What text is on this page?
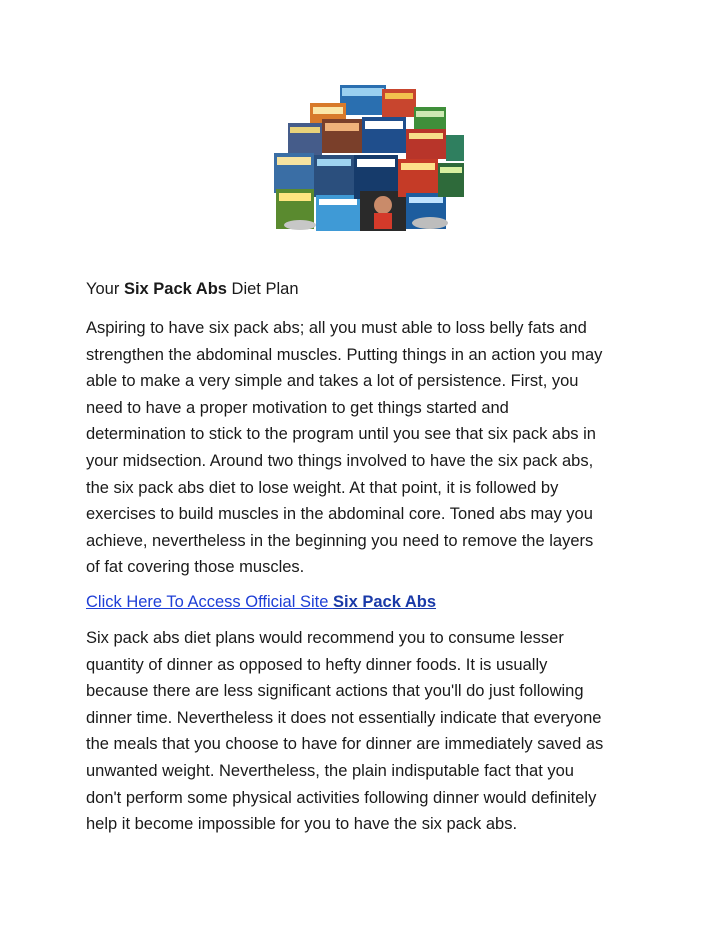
Your Six Pack Abs Diet Plan
Aspiring to have six pack abs; all you must able to loss belly fats and
strengthen the abdominal muscles. Putting things in an action you may
able to make a very simple and takes a lot of persistence. First, you
need to have a proper motivation to get things started and
determination to stick to the program until you see that six pack abs in
your midsection. Around two things involved to have the six pack abs,
the six pack abs diet to lose weight. At that point, it is followed by
exercises to build muscles in the abdominal core. Toned abs may you
achieve, nevertheless in the beginning you need to remove the layers
of fat covering those muscles.
Click Here To Access Official Site Six Pack Abs
Six pack abs diet plans would recommend you to consume lesser
quantity of dinner as opposed to hefty dinner foods. It is usually
because there are less significant actions that you'll do just following
dinner time. Nevertheless it does not essentially indicate that everyone
the meals that you choose to have for dinner are immediately saved as
unwanted weight. Nevertheless, the plain indisputable fact that you
don't perform some physical activities following dinner would definitely
help it become impossible for you to have the six pack abs.
